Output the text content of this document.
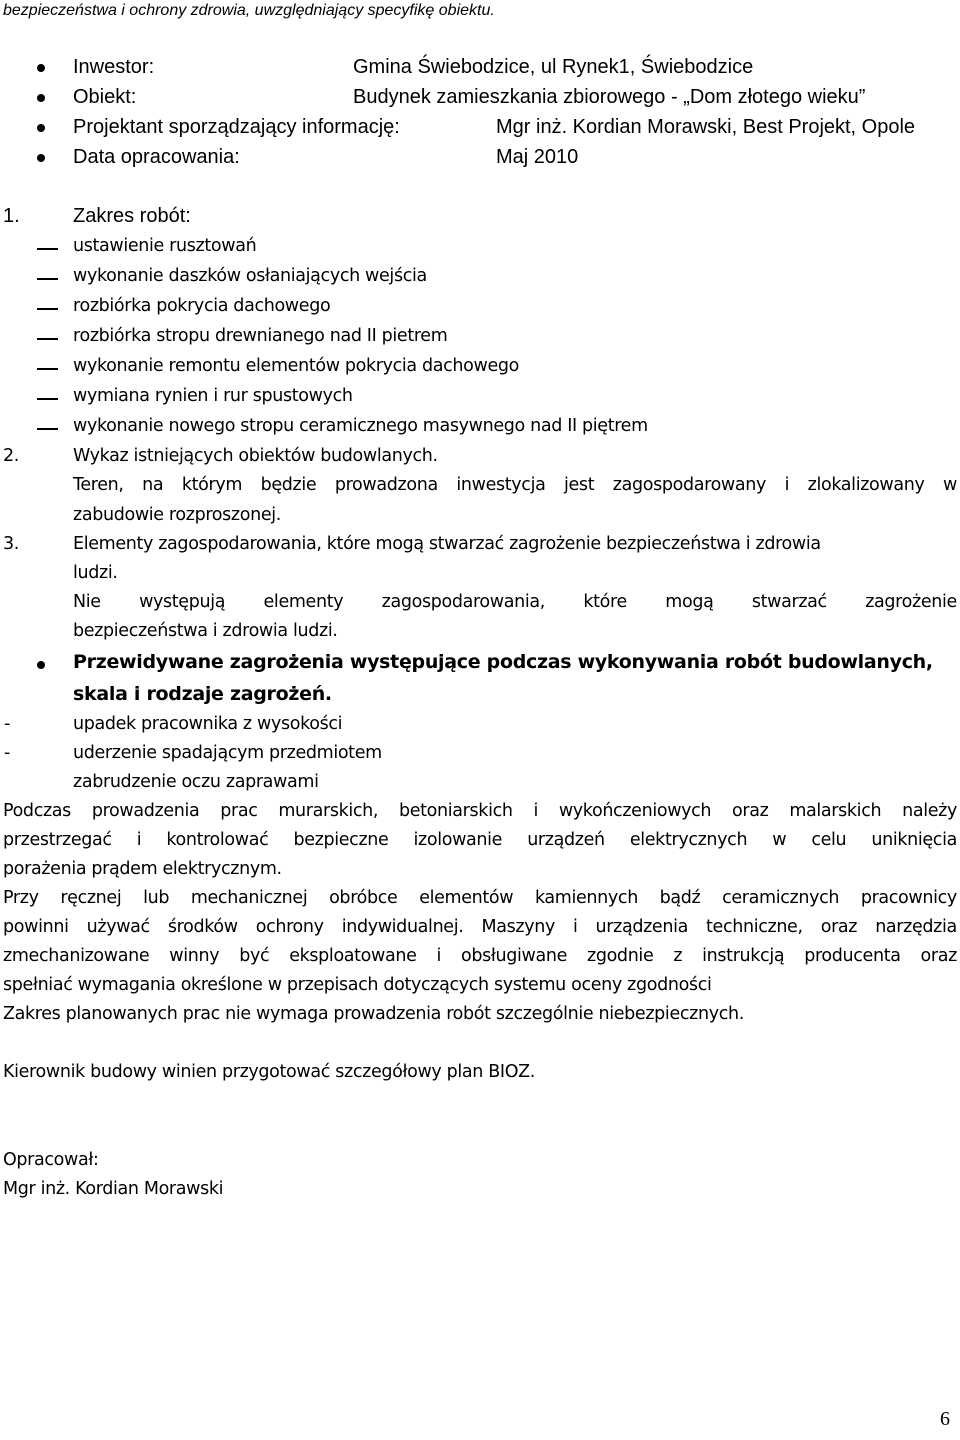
bezpieczeństwa i ochrony zdrowia, uwzględniający specyfikę obiektu.
Inwestor:	Gmina Świebodzice, ul Rynek1, Świebodzice
Obiekt:	Budynek zamieszkania zbiorowego - „Dom złotego wieku”
Projektant sporządzający informację:	Mgr inż. Kordian Morawski, Best Projekt, Opole
Data opracowania:	Maj 2010
1.	Zakres robót:
ustawienie rusztowań
wykonanie daszków osłaniających wejścia
rozbiórka pokrycia dachowego
rozbiórka stropu drewnianego nad II pietrem
wykonanie remontu elementów pokrycia dachowego
wymiana rynien i rur spustowych
wykonanie nowego stropu ceramicznego masywnego nad II piętrem
2.	Wykaz istniejących obiektów budowlanych.
Teren, na którym będzie prowadzona inwestycja jest zagospodarowany i zlokalizowany w
zabudowie rozproszonej.
3.	Elementy zagospodarowania, które mogą stwarzać zagrożenie bezpieczeństwa i zdrowia
ludzi.
Nie występują elementy zagospodarowania, które mogą stwarzać zagrożenie
bezpieczeństwa i zdrowia ludzi.
Przewidywane zagrożenia występujące podczas wykonywania robót budowlanych,
skala i rodzaje zagrożeń.
-	upadek pracownika z wysokości
-	uderzenie spadającym przedmiotem
zabrudzenie oczu zaprawami
Podczas prowadzenia prac murarskich, betoniarskich i wykończeniowych oraz malarskich należy
przestrzegać i kontrolować bezpieczne izolowanie urządzeń elektrycznych w celu uniknięcia
porażenia prądem elektrycznym.
Przy ręcznej lub mechanicznej obróbce elementów kamiennych bądź ceramicznych pracownicy
powinni używać środków ochrony indywidualnej. Maszyny i urządzenia techniczne, oraz narzędzia
zmechanizowane winny być eksploatowane i obsługiwane zgodnie z instrukcją producenta oraz
spełniać wymagania określone w przepisach dotyczących systemu oceny zgodności
Zakres planowanych prac nie wymaga prowadzenia robót szczególnie niebezpiecznych.
Kierownik budowy winien przygotować szczegółowy plan BIOZ.
Opracował:
Mgr inż. Kordian Morawski
6
